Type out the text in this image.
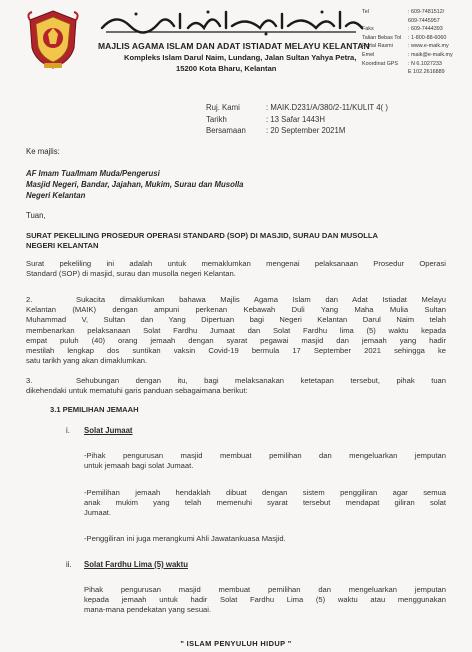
مجلس اڬام اسلام دان عادة استعادة ملايو كلنتن
MAJLIS AGAMA ISLAM DAN ADAT ISTIADAT MELAYU KELANTAN
Kompleks Islam Darul Naim, Lundang, Jalan Sultan Yahya Petra,
15200 Kota Bharu, Kelantan
Tel	: 609-7481512/
609-7445957
Faks	: 609-7444393
Talian Bebas Tol	: 1-800-88-6060
Portal Rasmi	: www.e-maik.my
Emel	: maik@e-maik.my
Koordinat GPS	: N 6.1027233
E 102.2616889
Ruj. Kami	: MAIK.D231/A/380/2-11/KULIT 4( )
Tarikh	: 13 Safar 1443H
Bersamaan	: 20 September 2021M
Ke majlis:
AF Imam Tua/Imam Muda/Pengerusi
Masjid Negeri, Bandar, Jajahan, Mukim, Surau dan Musolla
Negeri Kelantan
Tuan,
SURAT PEKELILING PROSEDUR OPERASI STANDARD (SOP) DI MASJID, SURAU DAN MUSOLLA
NEGERI KELANTAN
Surat pekeliling ini adalah untuk memaklumkan mengenai pelaksanaan Prosedur Operasi
Standard (SOP) di masjid, surau dan musolla negeri Kelantan.
2.	Sukacita dimaklumkan bahawa Majlis Agama Islam dan Adat Istiadat Melayu
Kelantan (MAIK) dengan ampuni perkenan Kebawah Duli Yang Maha Mulia Sultan
Muhammad V, Sultan dan Yang Dipertuan bagi Negeri Kelantan Darul Naim telah
membenarkan pelaksanaan Solat Fardhu Jumaat dan Solat Fardhu lima (5) waktu kepada
empat puluh (40) orang jemaah dengan syarat pegawai masjid dan jemaah yang hadir
mestilah lengkap dos suntikan vaksin Covid-19 bermula 17 September 2021 sehingga ke
satu tarikh yang akan dimaklumkan.
3.	Sehubungan dengan itu, bagi melaksanakan ketetapan tersebut, pihak tuan
dikehendaki untuk mematuhi garis panduan sebagaimana berikut:
3.1 PEMILIHAN JEMAAH
i. Solat Jumaat
-Pihak pengurusan masjid membuat pemilihan dan mengeluarkan jemputan
untuk jemaah bagi solat Jumaat.
-Pemilihan jemaah hendaklah dibuat dengan sistem penggiliran agar semua
anak mukim yang telah memenuhi syarat tersebut mendapat giliran solat
Jumaat.
-Penggiliran ini juga merangkumi Ahli Jawatankuasa Masjid.
ii. Solat Fardhu Lima (5) waktu
Pihak pengurusan masjid membuat pemilihan dan mengeluarkan jemputan
kepada jemaah untuk hadir Solat Fardhu Lima (5) waktu atau menggunakan
mana-mana pendekatan yang sesuai.
" ISLAM PENYULUH HIDUP "
